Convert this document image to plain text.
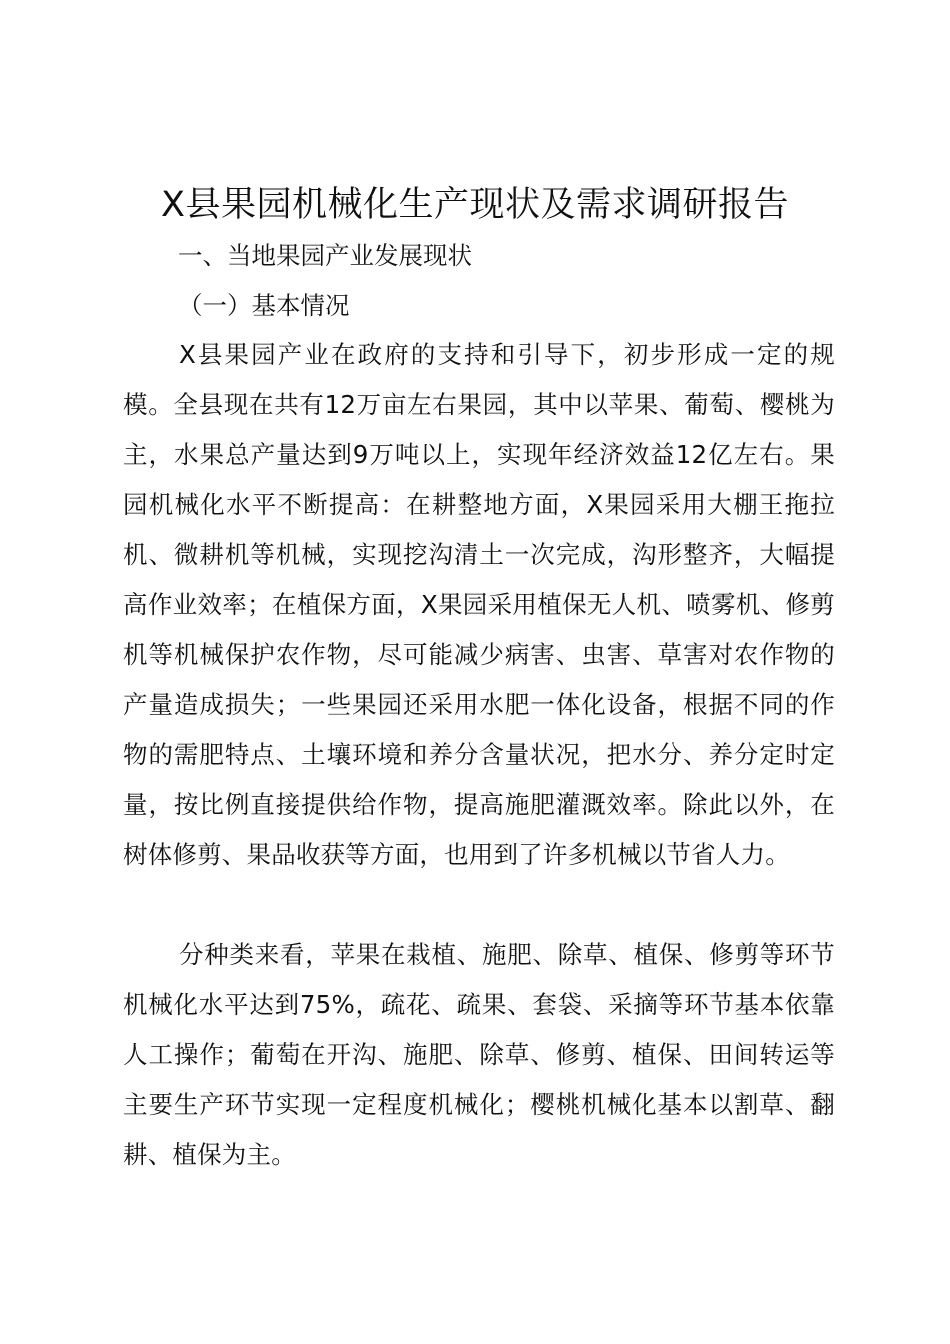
X县果园机械化生产现状及需求调研报告
一、当地果园产业发展现状
（一）基本情况

X县果园产业在政府的支持和引导下，初步形成一定的规模。全县现在共有12万亩左右果园，其中以苹果、葡萄、樱桃为主，水果总产量达到9万吨以上，实现年经济效益12亿左右。果园机械化水平不断提高：在耕整地方面，X果园采用大棚王拖拉机、微耕机等机械，实现挖沟清土一次完成，沟形整齐，大幅提高作业效率；在植保方面，X果园采用植保无人机、喷雾机、修剪机等机械保护农作物，尽可能减少病害、虫害、草害对农作物的产量造成损失；一些果园还采用水肥一体化设备，根据不同的作物的需肥特点、土壤环境和养分含量状况，把水分、养分定时定量，按比例直接提供给作物，提高施肥灌溉效率。除此以外，在树体修剪、果品收获等方面，也用到了许多机械以节省人力。

分种类来看，苹果在栽植、施肥、除草、植保、修剪等环节机械化水平达到75%，疏花、疏果、套袋、采摘等环节基本依靠人工操作；葡萄在开沟、施肥、除草、修剪、植保、田间转运等主要生产环节实现一定程度机械化；樱桃机械化基本以割草、翻耕、植保为主。
